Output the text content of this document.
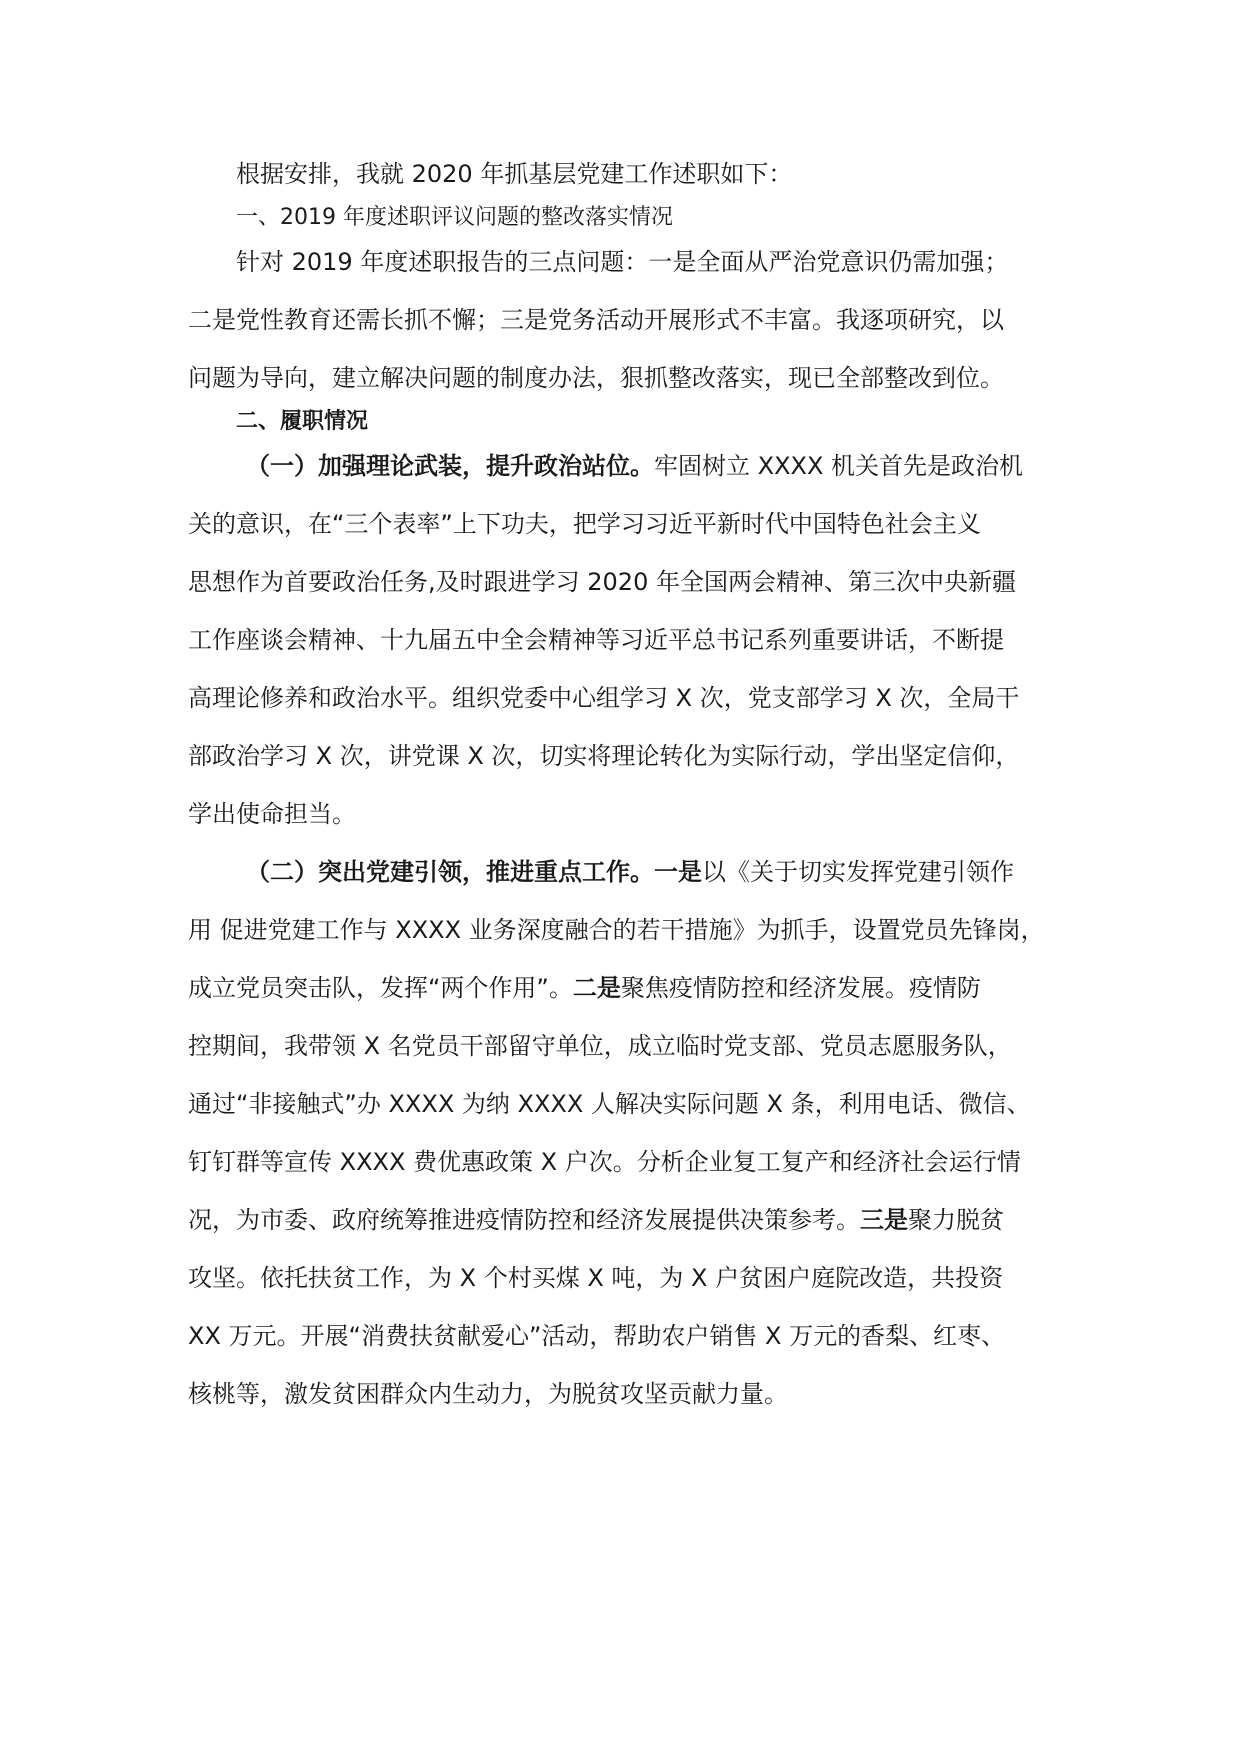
根据安排，我就 2020 年抓基层党建工作述职如下：
一、2019 年度述职评议问题的整改落实情况
针对 2019 年度述职报告的三点问题：一是全面从严治党意识仍需加强；
二是党性教育还需长抓不懈；三是党务活动开展形式不丰富。我逐项研究，以
问题为导向，建立解决问题的制度办法，狠抓整改落实，现已全部整改到位。
二、履职情况
（一）加强理论武装，提升政治站位。牢固树立 XXXX 机关首先是政治机
关的意识，在“三个表率”上下功夫，把学习习近平新时代中国特色社会主义
思想作为首要政治任务,及时跟进学习 2020 年全国两会精神、第三次中央新疆
工作座谈会精神、十九届五中全会精神等习近平总书记系列重要讲话，不断提
高理论修养和政治水平。组织党委中心组学习 X 次，党支部学习 X 次，全局干
部政治学习 X 次，讲党课 X 次，切实将理论转化为实际行动，学出坚定信仰，
学出使命担当。
（二）突出党建引领，推进重点工作。一是以《关于切实发挥党建引领作
用 促进党建工作与 XXXX 业务深度融合的若干措施》为抓手，设置党员先锋岗，
成立党员突击队，发挥“两个作用”。二是聚焦疫情防控和经济发展。疫情防
控期间，我带领 X 名党员干部留守单位，成立临时党支部、党员志愿服务队，
通过“非接触式”办 XXXX 为纳 XXXX 人解决实际问题 X 条，利用电话、微信、
钉钉群等宣传 XXXX 费优惠政策 X 户次。分析企业复工复产和经济社会运行情
况，为市委、政府统筹推进疫情防控和经济发展提供决策参考。三是聚力脱贫
攻坚。依托扶贫工作，为 X 个村买煤 X 吨，为 X 户贫困户庭院改造，共投资
XX 万元。开展“消费扶贫献爱心”活动，帮助农户销售 X 万元的香梨、红枣、
核桃等，激发贫困群众内生动力，为脱贫攻坚贡献力量。
